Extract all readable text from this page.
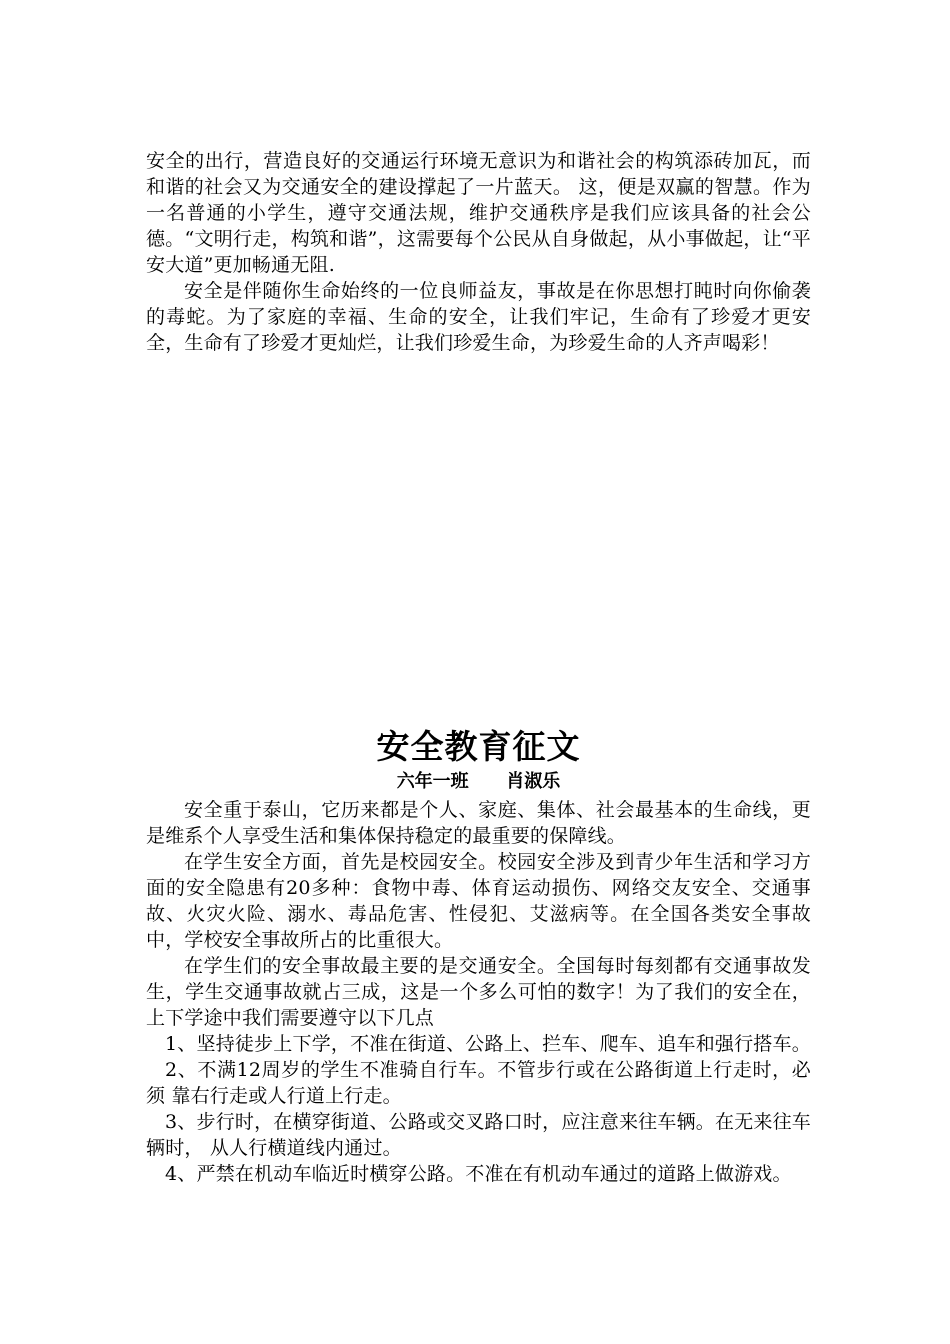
安全的出行，营造良好的交通运行环境无意识为和谐社会的构筑添砖加瓦，而和谐的社会又为交通安全的建设撑起了一片蓝天。 这，便是双赢的智慧。作为一名普通的小学生，遵守交通法规，维护交通秩序是我们应该具备的社会公德。“文明行走，构筑和谐”，这需要每个公民从自身做起，从小事做起，让“平安大道”更加畅通无阻.

安全是伴随你生命始终的一位良师益友，事故是在你思想打盹时向你偷袭的毒蛇。为了家庭的幸福、生命的安全，让我们牢记，生命有了珍爱才更安全，生命有了珍爱才更灿烂，让我们珍爱生命，为珍爱生命的人齐声喝彩！

安全教育征文

六年一班      肖淑乐

安全重于泰山，它历来都是个人、家庭、集体、社会最基本的生命线，更是维系个人享受生活和集体保持稳定的最重要的保障线。

在学生安全方面，首先是校园安全。校园安全涉及到青少年生活和学习方面的安全隐患有20多种：食物中毒、体育运动损伤、网络交友安全、交通事故、火灾火险、溺水、毒品危害、性侵犯、艾滋病等。在全国各类安全事故中，学校安全事故所占的比重很大。

在学生们的安全事故最主要的是交通安全。全国每时每刻都有交通事故发生，学生交通事故就占三成，这是一个多么可怕的数字！为了我们的安全在，上下学途中我们需要遵守以下几点

1、坚持徒步上下学，不准在街道、公路上、拦车、爬车、追车和强行搭车。

2、不满12周岁的学生不准骑自行车。不管步行或在公路街道上行走时，必须 靠右行走或人行道上行走。

3、步行时，在横穿街道、公路或交叉路口时，应注意来往车辆。在无来往车辆时， 从人行横道线内通过。

4、严禁在机动车临近时横穿公路。不准在有机动车通过的道路上做游戏。
